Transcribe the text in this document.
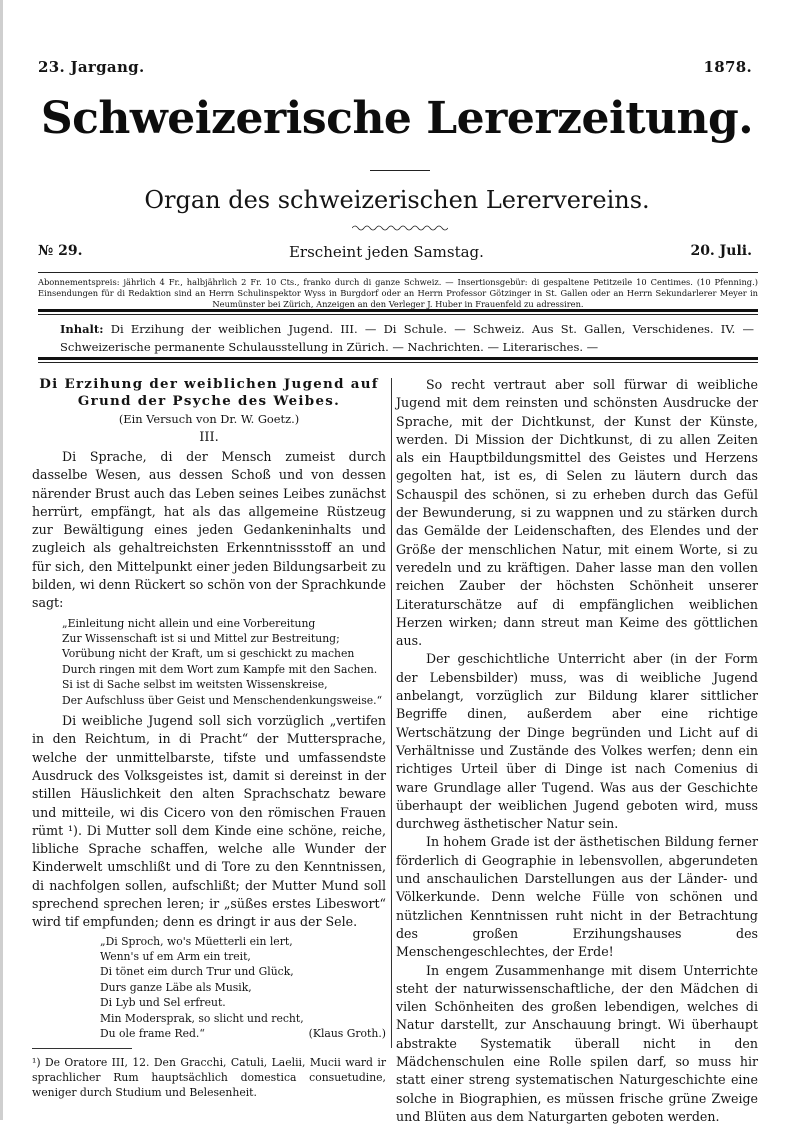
23. Jargang.	1878.
Schweizerische Lererzeitung.
Organ des schweizerischen Lerervereins.
№ 29.	Erscheint jeden Samstag.	20. Juli.
Abonnementspreis: jährlich 4 Fr., halbjährlich 2 Fr. 10 Cts., franko durch di ganze Schweiz. — Insertionsgebür: di gespaltene Petitzeile 10 Centimes. (10 Pfenning.) Einsendungen für di Redaktion sind an Herrn Schulinspektor Wyss in Burgdorf oder an Herrn Professor Götzinger in St. Gallen oder an Herrn Sekundarlerer Meyer in Neumünster bei Zürich, Anzeigen an den Verleger J. Huber in Frauenfeld zu adressiren.
Inhalt: Di Erzihung der weiblichen Jugend. III. — Di Schule. — Schweiz. Aus St. Gallen, Verschidenes. IV. — Schweizerische permanente Schulausstellung in Zürich. — Nachrichten. — Literarisches. —
Di Erzihung der weiblichen Jugend auf Grund der Psyche des Weibes.
(Ein Versuch von Dr. W. Goetz.)
III.

Di Sprache, di der Mensch zumeist durch dasselbe Wesen, aus dessen Schoß und von dessen närender Brust auch das Leben seines Leibes zunächst herrürt, empfängt, hat als das allgemeine Rüstzeug zur Bewältigung eines jeden Gedankeninhalts und zugleich als gehaltreichsten Erkenntnissstoff an und für sich, den Mittelpunkt einer jeden Bildungsarbeit zu bilden, wi denn Rückert so schön von der Sprachkunde sagt:

„Einleitung nicht allein und eine Vorbereitung
Zur Wissenschaft ist si und Mittel zur Bestreitung;
Vorübung nicht der Kraft, um si geschickt zu machen
Durch ringen mit dem Wort zum Kampfe mit den Sachen.
Si ist di Sache selbst im weitsten Wissenskreise,
Der Aufschluss über Geist und Menschendenkungsweise.“

Di weibliche Jugend soll sich vorzüglich „vertifen in den Reichtum, in di Pracht“ der Muttersprache, welche der unmittelbarste, tifste und umfassendste Ausdruck des Volksgeistes ist, damit si dereinst in der stillen Häuslichkeit den alten Sprachschatz beware und mitteile, wi dis Cicero von den römischen Frauen rümt ¹). Di Mutter soll dem Kinde eine schöne, reiche, libliche Sprache schaffen, welche alle Wunder der Kinderwelt umschlißt und di Tore zu den Kenntnissen, di nachfolgen sollen, aufschlißt; der Mutter Mund soll sprechend sprechen leren; ir „süßes erstes Libeswort“ wird tif empfunden; denn es dringt ir aus der Sele.

„Di Sproch, wo's Müetterli ein lert,
Wenn's uf em Arm ein treit,
Di tönet eim durch Trur und Glück,
Durs ganze Läbe als Musik,
Di Lyb und Sel erfreut.
Min Modersprak, so slicht und recht,
Du ole frame Red.“	(Klaus Groth.)
¹) De Oratore III, 12. Den Gracchi, Catuli, Laelii, Mucii ward ir sprachlicher Rum hauptsächlich domestica consuetudine, weniger durch Studium und Belesenheit.

So recht vertraut aber soll fürwar di weibliche Jugend mit dem reinsten und schönsten Ausdrucke der Sprache, mit der Dichtkunst, der Kunst der Künste, werden. Di Mission der Dichtkunst, di zu allen Zeiten als ein Hauptbildungsmittel des Geistes und Herzens gegolten hat, ist es, di Selen zu läutern durch das Schauspil des schönen, si zu erheben durch das Gefül der Bewunderung, si zu wappnen und zu stärken durch das Gemälde der Leidenschaften, des Elendes und der Größe der menschlichen Natur, mit einem Worte, si zu veredeln und zu kräftigen. Daher lasse man den vollen reichen Zauber der höchsten Schönheit unserer Literaturschätze auf di empfänglichen weiblichen Herzen wirken; dann streut man Keime des göttlichen aus.

Der geschichtliche Unterricht aber (in der Form der Lebensbilder) muss, was di weibliche Jugend anbelangt, vorzüglich zur Bildung klarer sittlicher Begriffe dinen, außerdem aber eine richtige Wertschätzung der Dinge begründen und Licht auf di Verhältnisse und Zustände des Volkes werfen; denn ein richtiges Urteil über di Dinge ist nach Comenius di ware Grundlage aller Tugend. Was aus der Geschichte überhaupt der weiblichen Jugend geboten wird, muss durchweg ästhetischer Natur sein.

In hohem Grade ist der ästhetischen Bildung ferner förderlich di Geographie in lebensvollen, abgerundeten und anschaulichen Darstellungen aus der Länder- und Völkerkunde. Denn welche Fülle von schönen und nützlichen Kenntnissen ruht nicht in der Betrachtung des großen Erzihungshauses des Menschengeschlechtes, der Erde!

In engem Zusammenhange mit disem Unterrichte steht der naturwissenschaftliche, der den Mädchen di vilen Schönheiten des großen lebendigen, welches di Natur darstellt, zur Anschauung bringt. Wi überhaupt abstrakte Systematik überall nicht in den Mädchenschulen eine Rolle spilen darf, so muss hir statt einer streng systematischen Naturgeschichte eine solche in Biographien, es müssen frische grüne Zweige und Blüten aus dem Naturgarten geboten werden.
